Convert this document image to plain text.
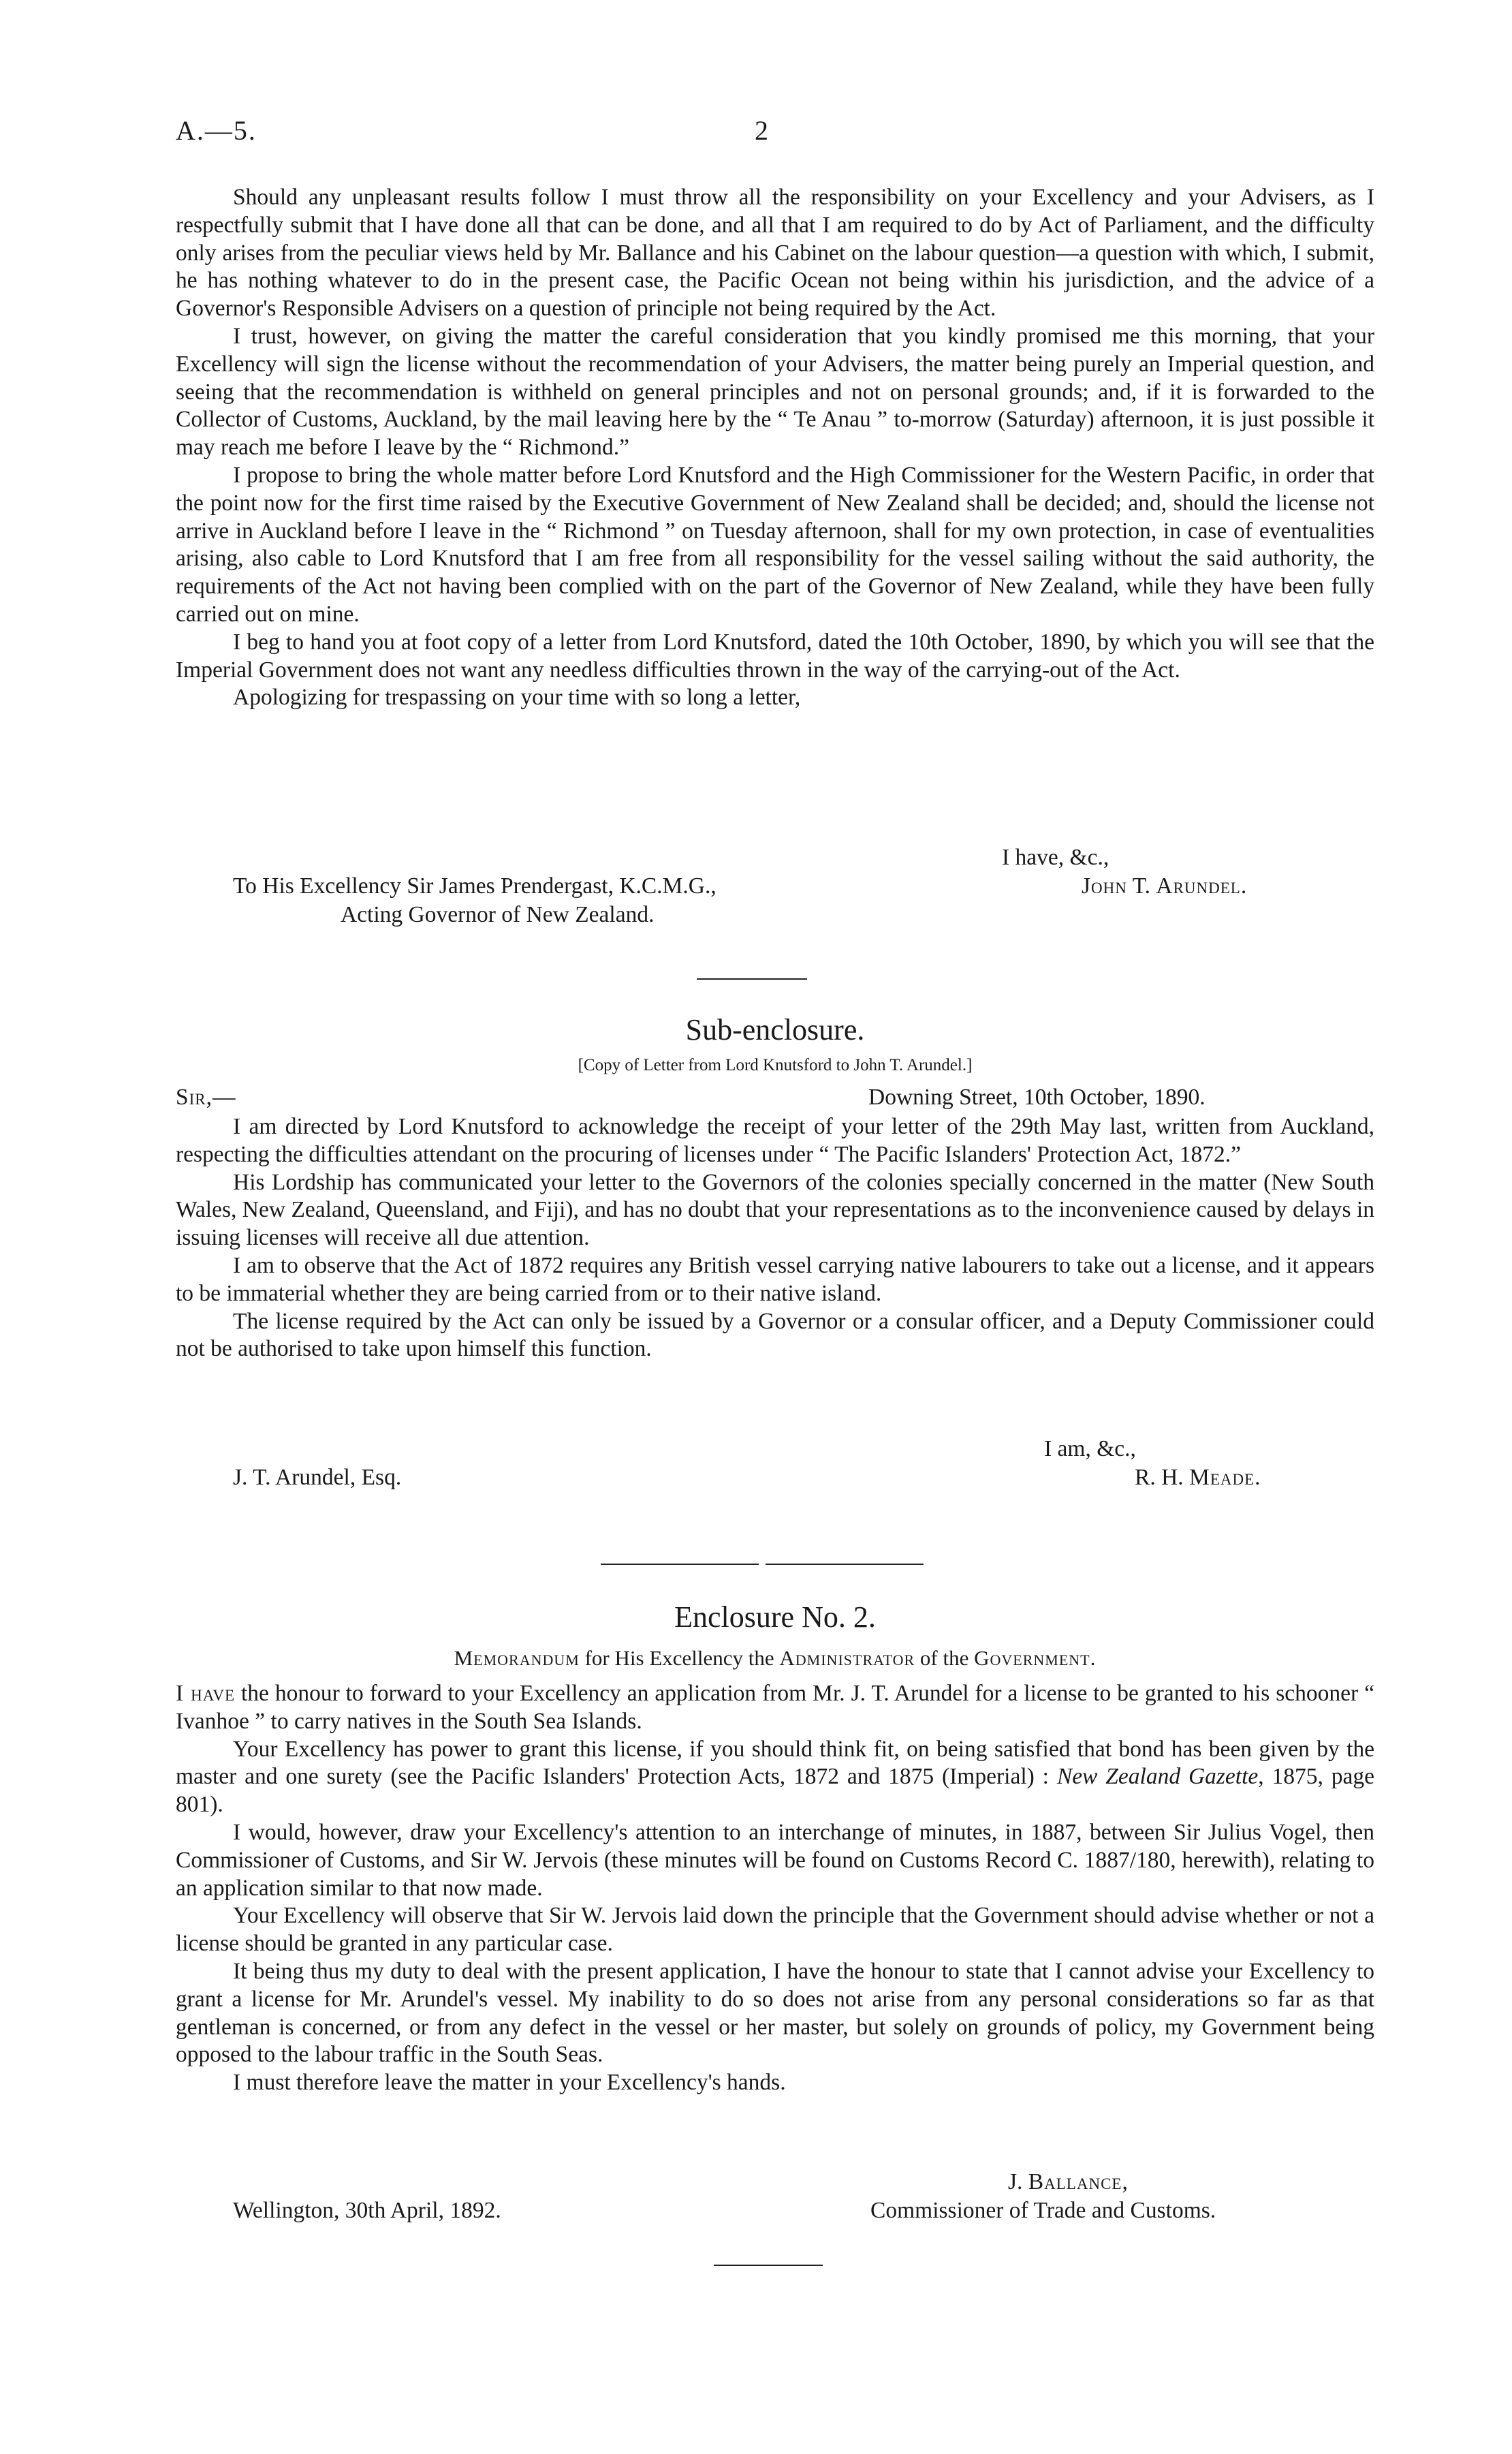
A.—5.	2

Should any unpleasant results follow I must throw all the responsibility on your Excellency and your Advisers, as I respectfully submit that I have done all that can be done, and all that I am required to do by Act of Parliament, and the difficulty only arises from the peculiar views held by Mr. Ballance and his Cabinet on the labour question—a question with which, I submit, he has nothing whatever to do in the present case, the Pacific Ocean not being within his jurisdiction, and the advice of a Governor's Responsible Advisers on a question of principle not being required by the Act.

I trust, however, on giving the matter the careful consideration that you kindly promised me this morning, that your Excellency will sign the license without the recommendation of your Advisers, the matter being purely an Imperial question, and seeing that the recommendation is withheld on general principles and not on personal grounds; and, if it is forwarded to the Collector of Customs, Auckland, by the mail leaving here by the “ Te Anau ” to-morrow (Saturday) afternoon, it is just possible it may reach me before I leave by the “ Richmond.”

I propose to bring the whole matter before Lord Knutsford and the High Commissioner for the Western Pacific, in order that the point now for the first time raised by the Executive Government of New Zealand shall be decided; and, should the license not arrive in Auckland before I leave in the “ Richmond ” on Tuesday afternoon, shall for my own protection, in case of eventualities arising, also cable to Lord Knutsford that I am free from all responsibility for the vessel sailing without the said authority, the requirements of the Act not having been complied with on the part of the Governor of New Zealand, while they have been fully carried out on mine.

I beg to hand you at foot copy of a letter from Lord Knutsford, dated the 10th October, 1890, by which you will see that the Imperial Government does not want any needless difficulties thrown in the way of the carrying-out of the Act.

Apologizing for trespassing on your time with so long a letter,

I have, &c.,
To His Excellency Sir James Prendergast, K.C.M.G.,	John T. Arundel.
Acting Governor of New Zealand.
Sub-enclosure.
[Copy of Letter from Lord Knutsford to John T. Arundel.]
Sir,—	Downing Street, 10th October, 1890.

I am directed by Lord Knutsford to acknowledge the receipt of your letter of the 29th May last, written from Auckland, respecting the difficulties attendant on the procuring of licenses under “ The Pacific Islanders' Protection Act, 1872.”

His Lordship has communicated your letter to the Governors of the colonies specially concerned in the matter (New South Wales, New Zealand, Queensland, and Fiji), and has no doubt that your representations as to the inconvenience caused by delays in issuing licenses will receive all due attention.

I am to observe that the Act of 1872 requires any British vessel carrying native labourers to take out a license, and it appears to be immaterial whether they are being carried from or to their native island.

The license required by the Act can only be issued by a Governor or a consular officer, and a Deputy Commissioner could not be authorised to take upon himself this function.

I am, &c.,
J. T. Arundel, Esq.	R. H. Meade.
Enclosure No. 2.
Memorandum for His Excellency the Administrator of the Government.

I have the honour to forward to your Excellency an application from Mr. J. T. Arundel for a license to be granted to his schooner “ Ivanhoe ” to carry natives in the South Sea Islands.

Your Excellency has power to grant this license, if you should think fit, on being satisfied that bond has been given by the master and one surety (see the Pacific Islanders' Protection Acts, 1872 and 1875 (Imperial) : New Zealand Gazette, 1875, page 801).

I would, however, draw your Excellency's attention to an interchange of minutes, in 1887, between Sir Julius Vogel, then Commissioner of Customs, and Sir W. Jervois (these minutes will be found on Customs Record C. 1887/180, herewith), relating to an application similar to that now made.

Your Excellency will observe that Sir W. Jervois laid down the principle that the Government should advise whether or not a license should be granted in any particular case.

It being thus my duty to deal with the present application, I have the honour to state that I cannot advise your Excellency to grant a license for Mr. Arundel's vessel. My inability to do so does not arise from any personal considerations so far as that gentleman is concerned, or from any defect in the vessel or her master, but solely on grounds of policy, my Government being opposed to the labour traffic in the South Seas.

I must therefore leave the matter in your Excellency's hands.

J. Ballance,
Wellington, 30th April, 1892.	Commissioner of Trade and Customs.
